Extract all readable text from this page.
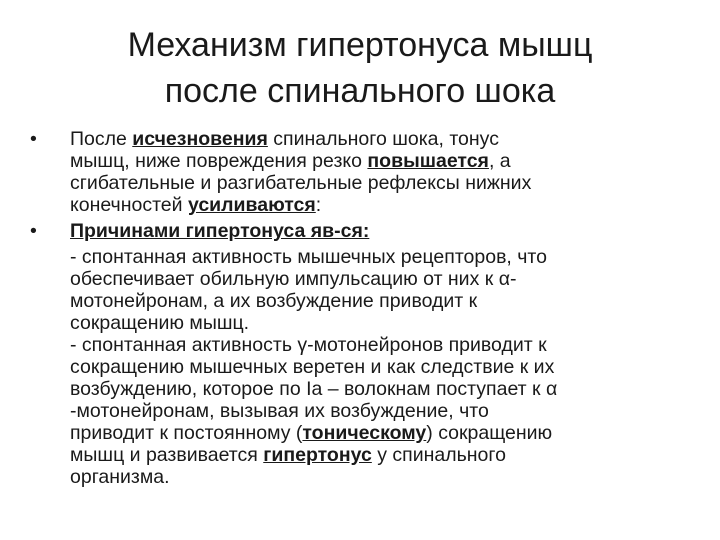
Механизм гипертонуса мышц
после спинального шока
•	После исчезновения спинального шока, тонус
мышц, ниже повреждения резко повышается, а
сгибательные и разгибательные рефлексы нижних
конечностей усиливаются:
•	Причинами гипертонуса яв-ся:
- спонтанная активность мышечных рецепторов, что
обеспечивает обильную импульсацию от них к α-
мотонейронам, а их возбуждение приводит к
сокращению мышц.
- спонтанная активность γ-мотонейронов приводит к
сокращению мышечных веретен и как следствие к их
возбуждению, которое по Ia – волокнам поступает к α
-мотонейронам, вызывая их возбуждение, что
приводит к постоянному (тоническому) сокращению
мышц и развивается гипертонус у спинального
организма.
